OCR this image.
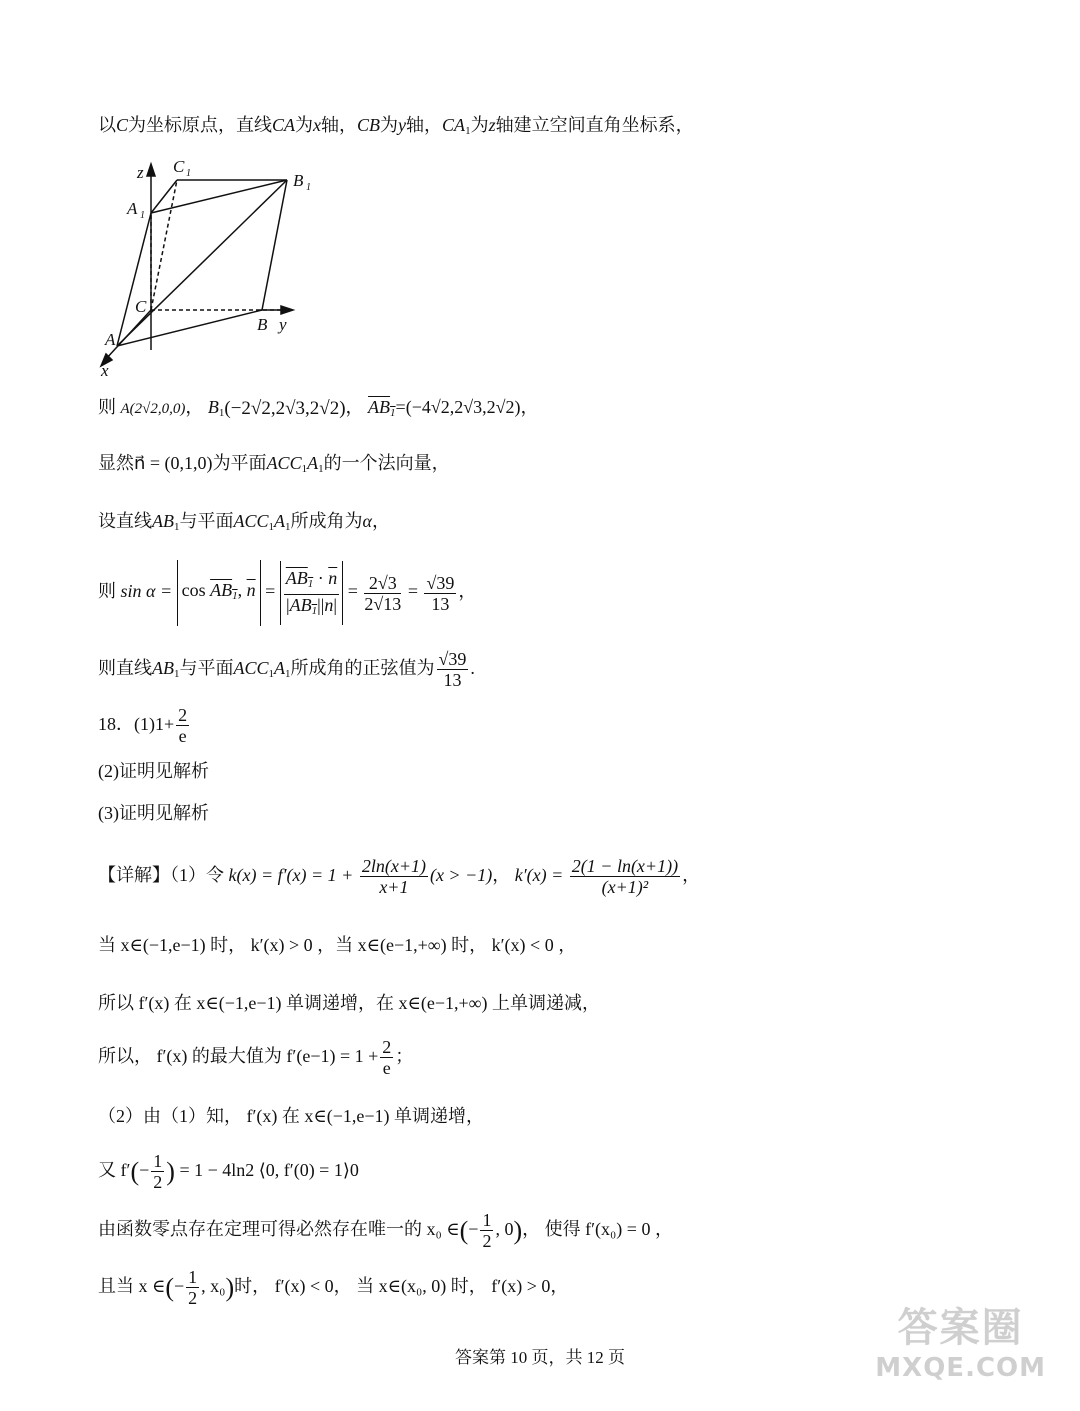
以C为坐标原点，直线CA为x轴，CB为y轴，$CA_1$为z轴建立空间直角坐标系，
z C 1	B 1
A 1
C
B y
A
x
则 A(2√2,0,0)， $B_1(-2√2,2√3,2√2)$， $AB_1=(-4√2,2√3,2√2)$，
显然n⃗ = (0,1,0)为平面$ACC_1A_1$的一个法向量，
设直线$AB_1$与平面$ACC_1A_1$所成角为α，
则 $\sin \alpha = \cos AB_1$, $\overline{n} = \frac{AB_1 \cdot \overline{n}}{|AB_1||\overline{n}|} = \frac{2√3}{2√13} = \frac{√39}{13}$ ，
则直线$AB_1$与平面$ACC_1A_1$所成角的正弦值为 $\frac{√39}{13}$ .
18．$(1)1+ \frac{2}{e}$
(2)证明见解析
(3)证明见解析
【详解】（1）令 $k(x) = f'(x) = 1 + \frac{2\ln(x+1)}{x+1} (x > -1)$， $k'(x) = \frac{2(1 - \ln(x+1))}{\text{(x+1)²}}$ ，
当 x∈(−1,e−1) 时， k′(x) > 0 ，当 x∈(e−1,+∞) 时， k′(x) < 0 ，
所以 f′(x) 在 x∈(−1,e−1) 单调递增，在 x∈(e−1,+∞) 上单调递减，
所以， f′(x) 的最大值为 $f'(e-1) = 1 + \frac{2}{e}$ ；
（2）由（1）知， f′(x) 在 x∈(−1,e−1) 单调递增，
又 $f'(- \frac{1}{2}$ ) = 1 − 4ln2 ⟨0, f′(0) = 1⟩0
由函数零点存在定理可得必然存在唯一的 x₀ ∈(− $\frac{1}{2}$ , 0)， 使得 f′(x₀) = 0 ，
且当 x ∈(− $\frac{1}{2}$ , x₀)时， f′(x) < 0， 当 x∈(x₀, 0) 时， f′(x) > 0，
答案第 10 页，共 12 页
答案圈
MXQE.COM
